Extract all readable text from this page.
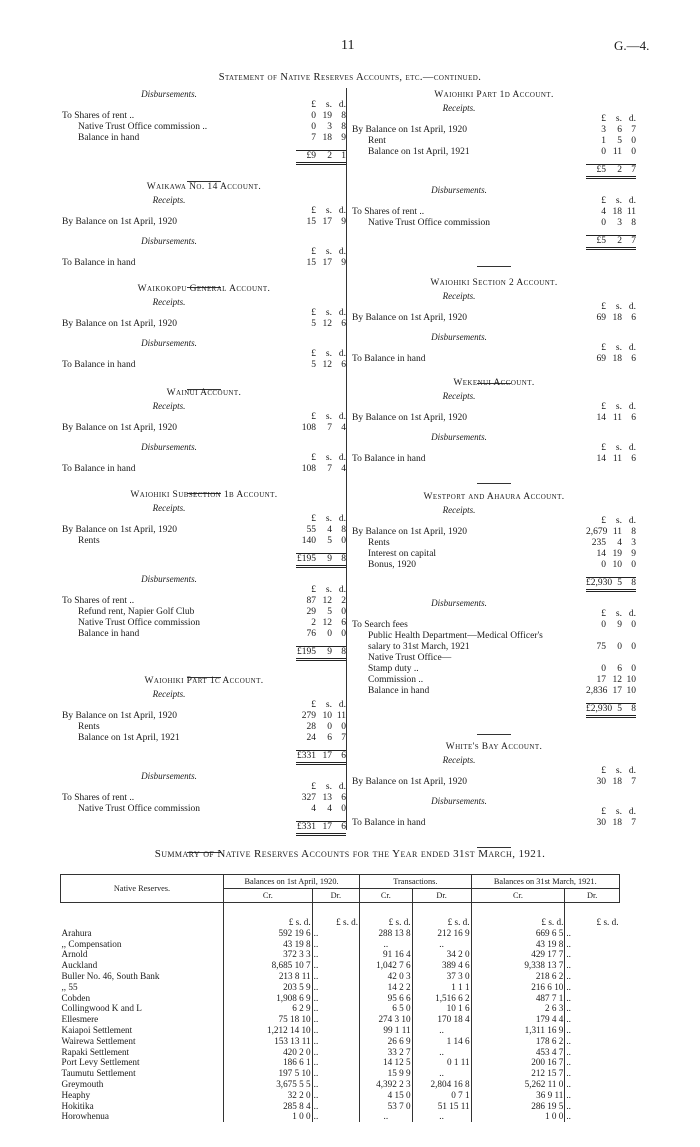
11	G.—4.
Statement of Native Reserves Accounts, etc.—continued.
Disbursements.
£ s. d.
To Shares of rent ..	0 19 8
Native Trust Office commission ..	0 3 8
Balance in hand	7 18 9
£9 2 1
Waikawa No. 14 Account.
Receipts.
£ s. d.
By Balance on 1st April, 1920	15 17 9
Disbursements.
£ s. d.
To Balance in hand	15 17 9
Waikokopu General Account.
Receipts.
£ s. d.
By Balance on 1st April, 1920	5 12 6
Disbursements.
£ s. d.
To Balance in hand	5 12 6
Wainui Account.
Receipts.
£ s. d.
By Balance on 1st April, 1920	108 7 4
Disbursements.
£ s. d.
To Balance in hand	108 7 4
Waiohiki Subsection 1b Account.
Receipts.
£ s. d.
By Balance on 1st April, 1920	55 4 8
Rents	140 5 0
£195 9 8
Disbursements.
£ s. d.
To Shares of rent ..	87 12 2
Refund rent, Napier Golf Club	29 5 0
Native Trust Office commission	2 12 6
Balance in hand	76 0 0
£195 9 8
Waiohiki Part 1c Account.
Receipts.
£ s. d.
By Balance on 1st April, 1920	279 10 11
Rents	28 0 0
Balance on 1st April, 1921	24 6 7
£331 17 6
Disbursements.
£ s. d.
To Shares of rent ..	327 13 6
Native Trust Office commission	4 4 0
£331 17 6
Waiohiki Part 1d Account.
Receipts.
£ s. d.
By Balance on 1st April, 1920	3 6 7
Rent	1 5 0
Balance on 1st April, 1921	0 11 0
£5 2 7
Disbursements.
£ s. d.
To Shares of rent ..	4 18 11
Native Trust Office commission	0 3 8
£5 2 7
Waiohiki Section 2 Account.
Receipts.
£ s. d.
By Balance on 1st April, 1920	69 18 6
Disbursements.
£ s. d.
To Balance in hand	69 18 6
Wekenui Account.
Receipts.
£ s. d.
By Balance on 1st April, 1920	14 11 6
Disbursements.
£ s. d.
To Balance in hand	14 11 6
Westport and Ahaura Account.
Receipts.
£ s. d.
By Balance on 1st April, 1920	2,679 11 8
Rents	235 4 3
Interest on capital	14 19 9
Bonus, 1920	0 10 0
£2,930 5 8
Disbursements.
£ s. d.
To Search fees	0 9 0
Public Health Department—Medical Officer's
salary to 31st March, 1921	75 0 0
Native Trust Office—
Stamp duty ..	0 6 0
Commission ..	17 12 10
Balance in hand	2,836 17 10
£2,930 5 8
White's Bay Account.
Receipts.
£ s. d.
By Balance on 1st April, 1920	30 18 7
Disbursements.
£ s. d.
To Balance in hand	30 18 7
Summary of Native Reserves Accounts for the Year ended 31st March, 1921.
Native Reserves.	Balances on 1st April, 1920.		Transactions.		Balances on 31st March, 1921.	
	Cr.	Dr.	Cr.	Dr.	Cr.	Dr.
	£ s. d.	£ s. d.	£ s. d.	£ s. d.	£ s. d.	£ s. d.
Arahura	592 19 6	..	288 13 8	212 16 9	669 6 5	..
,, Compensation	43 19 8	..	..	..	43 19 8	..
Arnold	372 3 3	..	91 16 4	34 2 0	429 17 7	..
Auckland	8,685 10 7	..	1,042 7 6	389 4 6	9,338 13 7	..
Buller No. 46, South Bank	213 8 11	..	42 0 3	37 3 0	218 6 2	..
,, 55	203 5 9	..	14 2 2	1 1 1	216 6 10	..
Cobden	1,908 6 9	..	95 6 6	1,516 6 2	487 7 1	..
Collingwood K and L	6 2 9	..	6 5 0	10 1 6	2 6 3	..
Ellesmere	75 18 10	..	274 3 10	170 18 4	179 4 4	..
Kaiapoi Settlement	1,212 14 10	..	99 1 11	..	1,311 16 9	..
Wairewa Settlement	153 13 11	..	26 6 9	1 14 6	178 6 2	..
Rapaki Settlement	420 2 0	..	33 2 7	..	453 4 7	..
Port Levy Settlement	186 6 1	..	14 12 5	0 1 11	200 16 7	..
Taumutu Settlement	197 5 10	..	15 9 9	..	212 15 7	..
Greymouth	3,675 5 5	..	4,392 2 3	2,804 16 8	5,262 11 0	..
Heaphy	32 2 0	..	4 15 0	0 7 1	36 9 11	..
Hokitika	285 8 4	..	53 7 0	51 15 11	286 19 5	..
Horowhenua	1 0 0	..	..	..	1 0 0	..
